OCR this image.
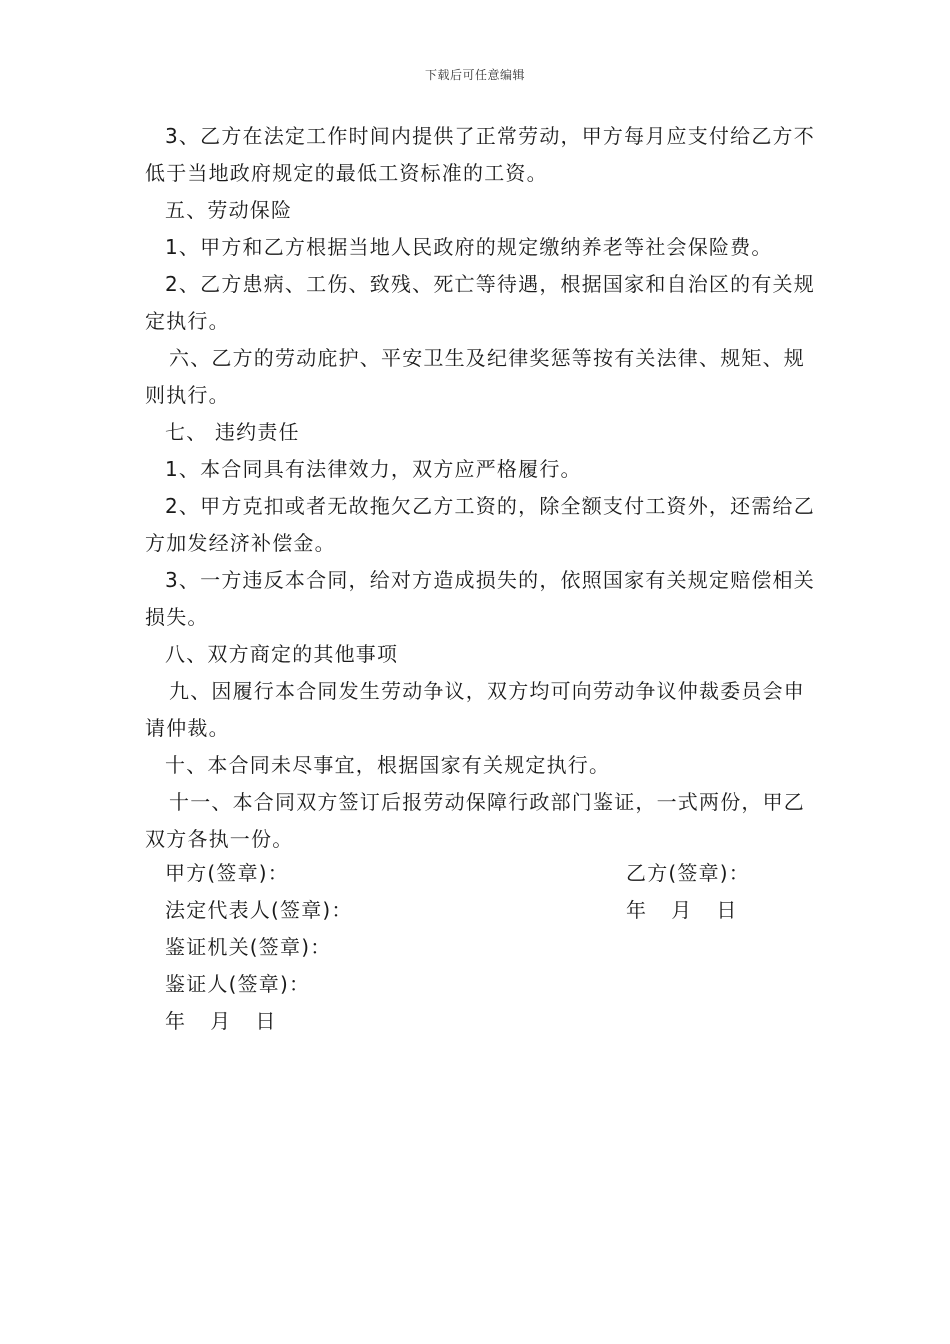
下载后可任意编辑

3、乙方在法定工作时间内提供了正常劳动，甲方每月应支付给乙方不低于当地政府规定的最低工资标准的工资。

五、劳动保险

1、甲方和乙方根据当地人民政府的规定缴纳养老等社会保险费。

2、乙方患病、工伤、致残、死亡等待遇，根据国家和自治区的有关规定执行。

六、乙方的劳动庇护、平安卫生及纪律奖惩等按有关法律、规矩、规则执行。

七、 违约责任

1、本合同具有法律效力，双方应严格履行。

2、甲方克扣或者无故拖欠乙方工资的，除全额支付工资外，还需给乙方加发经济补偿金。

3、一方违反本合同，给对方造成损失的，依照国家有关规定赔偿相关损失。

八、双方商定的其他事项

九、因履行本合同发生劳动争议，双方均可向劳动争议仲裁委员会申请仲裁。

十、本合同未尽事宜，根据国家有关规定执行。

十一、本合同双方签订后报劳动保障行政部门鉴证，一式两份，甲乙双方各执一份。

甲方(签章)：	乙方(签章)：
法定代表人(签章)：	年 月 日
鉴证机关(签章)：
鉴证人(签章)：
年 月 日
